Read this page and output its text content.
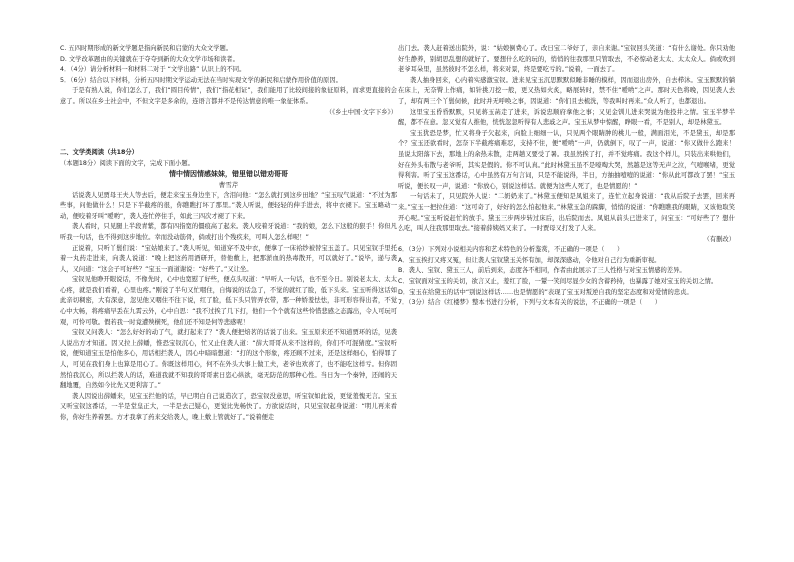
C. 五四时期形成的新文学题是指向新民和启蒙的大众文学题。

D. 文学改革题由的关键就在于夺夺到新的大众文学市场和读者。

4．（4分）请分析材料一和材料二对于 “文学出路” 认识上的不同。

5．（6分）结合以下材料，分析五四时期文学运动无法在当时实现文学的新民和启蒙作用价值的原因。

于是有熟人说，你们怎么了，我们“圆目传情”，我们“指花相证”，我们能用了比较间接的象征原料，而求更直接的会意了。所以在乡土社会中，不但文字是多余的，连语言都并不是传达情意的唯一象征体系。

（《乡土中国·文字下乡》）

二、文学类阅读（共18分）

（本题18分）阅读下面的文字，完成下面小题。

情中情因情感妹妹，错里错以错劝哥哥

曹雪芹

话说袭人见贾母王夫人等去后，便走来宝玉身边坐下，含泪问他：“怎么就打到这步田地？”宝玉叹气说道：“不过为那些事，问他做什么！只是下半截疼的很，你瞧瞧打坏了那里。”袭人听说，便轻轻的伸手进去，将中衣褪下。宝玉略动一动，便咬着牙叫“嗳哟”，袭人连忙停住手，如此三四次才褪了下来。

袭人看时，只见腿上半段青紫，都有四指宽的僵痕高了起来。袭人咬着牙说道：“我的娘，怎么下这般的狠手！你但凡听我一句话，也不得到这步地位。幸而没动筋骨，倘或打出个残疾来，可叫人怎么样呢！”

正说着，只听丫鬟们说：“宝姑娘来了。”袭人听见，知道穿不及中衣，便拿了一床袷纱被替宝玉盖了。只见宝钗手里托着一丸药走进来，向袭人说道：“晚上把这药用酒研开，替他敷上，把那淤血的热毒散开，可以就好了。”说毕，递与袭人，又问道：“这会子可好些？”宝玉一面道谢说：“好些了。”又让坐。

宝钗见他睁开眼说话，不像先时，心中也宽慰了好些，便点头叹道：“早听人一句话，也不至今日。别说老太太、太太心疼，就是我们看着，心里也疼。”刚说了半句又忙咽住，自悔说的话急了，不觉的就红了脸，低下头来。宝玉听得这话如此亲切稠密，大有深意，忽见他又咽住不往下说，红了脸，低下头只管弄衣带，那一种娇羞怯怯，非可形容得出者，不觉心中大畅，将疼痛早丢在九霄云外，心中自思：“我不过挨了几下打，他们一个个就有这些怜惜悲感之态露出，令人可玩可观，可怜可敬。假若我一时竟遭殃横死，他们还不知是何等悲感呢！

宝钗又问袭人：“怎么好好的动了气，就打起来了？”袭人便把焙茗的话说了出来。宝玉原来还不知道贾环的话，见袭人说出方才知道。因又拉上薛蟠，惟恐宝钗沉心，忙又止住袭人道：“薛大哥哥从来不这样的，你们不可混猜度。”宝钗听说，便知道宝玉是怕他多心，用话相拦袭人，因心中暗暗想道：“打的这个形象，疼还顾不过来，还是这样细心，怕得罪了人，可见在我们身上也算是用心了。你既这样用心，何不在外头大事上做工夫，老爷也欢喜了，也不能吃这样亏。但你固然怕我沉心，所以拦袭人的话，难道我就不知我的哥哥素日恣心纵欲，毫无防范的那种心性。当日为一个秦钟，还闹的天翻地覆，自然如今比先又更利害了。”

袭人因说出薛蟠来，见宝玉拦他的话，早已明白自己说造次了，恐宝钗没意思，听宝钗如此说，更觉羞愧无言。宝玉又听宝钗这番话，一半是堂皇正大，一半是去己疑心，更觉比先畅快了。方欲说话时，只见宝钗起身说道：“明儿再来看你，你好生养着罢。方才我拿了药来交给袭人，晚上敷上管就好了。”说着便走

出门去。袭人赶着送出院外，说：“姑娘倒费心了。改日宝二爷好了，亲自来谢。”宝钗回头笑道：“有什么谢处。你只劝他好生静养，别胡思乱想的就好了。要想什么吃的玩的，悄悄的往我那里只管取去，不必惊动老太太、太太众人。倘或吹到老爷耳朵里，虽然彼时不怎么样，将来对景，终是要吃亏的。”说着，一面去了。

袭人抽身回来，心内着实感激宝钗。进来见宝玉沉思默默似睡非睡的模样，因而退出房外，自去栉沐。宝玉默默的躺在床上，无奈臀上作痛，如针挑刀挖一般，更又热如火炙，略展转时，禁不住“嗳哟”之声。那时天色将晚，因见袭人去了，却有两三个丫鬟伺候，此时并无呼唤之事，因说道：“你们且去梳洗，等我叫时再来。”众人听了，也都退出。

这里宝玉昏昏默默，只见蒋玉菡走了进来，诉说忠顺府拿他之事；又见金钏儿进来哭说为他投井之情。宝玉半梦半醒，都不在意。忽又觉有人推他，恍恍忽忽听得有人悲戚之声。宝玉从梦中惊醒，睁眼一看，不是别人，却是林黛玉。

宝玉犹恐是梦，忙又将身子欠起来，向脸上细细一认，只见两个眼睛肿的桃儿一般，满面泪光，不是黛玉，却是那个？宝玉还欲看时，怎奈下半截疼痛难忍，支持不住，便“嗳哟”一声，仍就倒下，叹了一声，说道：“你又做什么跑来！虽说太阳落下去，那地上的余热未散，走两趟又要受了暑。我虽然挨了打，并不觉疼痛。我这个样儿，只装出来哄他们，好在外头布散与老爷听，其实是假的。你不可认真。”此时林黛玉虽不是嚎啕大哭，然越是这等无声之泣，气噎喉堵，更觉得利害。听了宝玉这番话，心中虽然有万句言词，只是不能说得，半日，方抽抽噎噎的说道：“你从此可都改了罢！”宝玉听说，便长叹一声，说道：“你放心，别说这样话。就便为这些人死了，也是情愿的！”

一句话未了，只见院外人说：“二奶奶来了。”林黛玉便知是凤姐来了，连忙立起身说道：“我从后院子去罢，回来再来。”宝玉一把拉住道：“这可奇了，好好的怎么怕起他来。”林黛玉急的跺脚，悄悄的说道：“你瞧瞧我的眼睛，又该他取笑开心呢。”宝玉听说赶忙的放手。黛玉三步两步转过床后，出后院而去。凤姐从前头已进来了，问宝玉：“可好些了？想什么吃，叫人往我那里取去。”接着薛姨妈又来了。一时贾母又打发了人来。

（有删改）

6．（3分）下列对小说相关内容和艺术特色的分析鉴赏，不正确的一项是（　　）

A．宝玉挨打又疼又冤，但让袭人宝钗黛玉关怀有加，却深深感动，令他对自己行为重新审视。

B．袭人、宝钗、黛玉三人，前后到来，态度各不相同，作者由此展示了三人性格与对宝玉情感的差异。

C．宝钗面对宝玉的关切，欲言又止，羞红了脸，一颦一笑间尽显少女的含蓄矜持，也暴露了她对宝玉的关切之情。

D．宝玉在给黛玉的话中“别说这样话……也是情愿的”表现了宝玉对叛逆自我的坚定态度和对爱情的忠贞。

7．（3分）结合《红楼梦》整本书进行分析，下列与文本有关的说法，不正确的一项是（　　）
